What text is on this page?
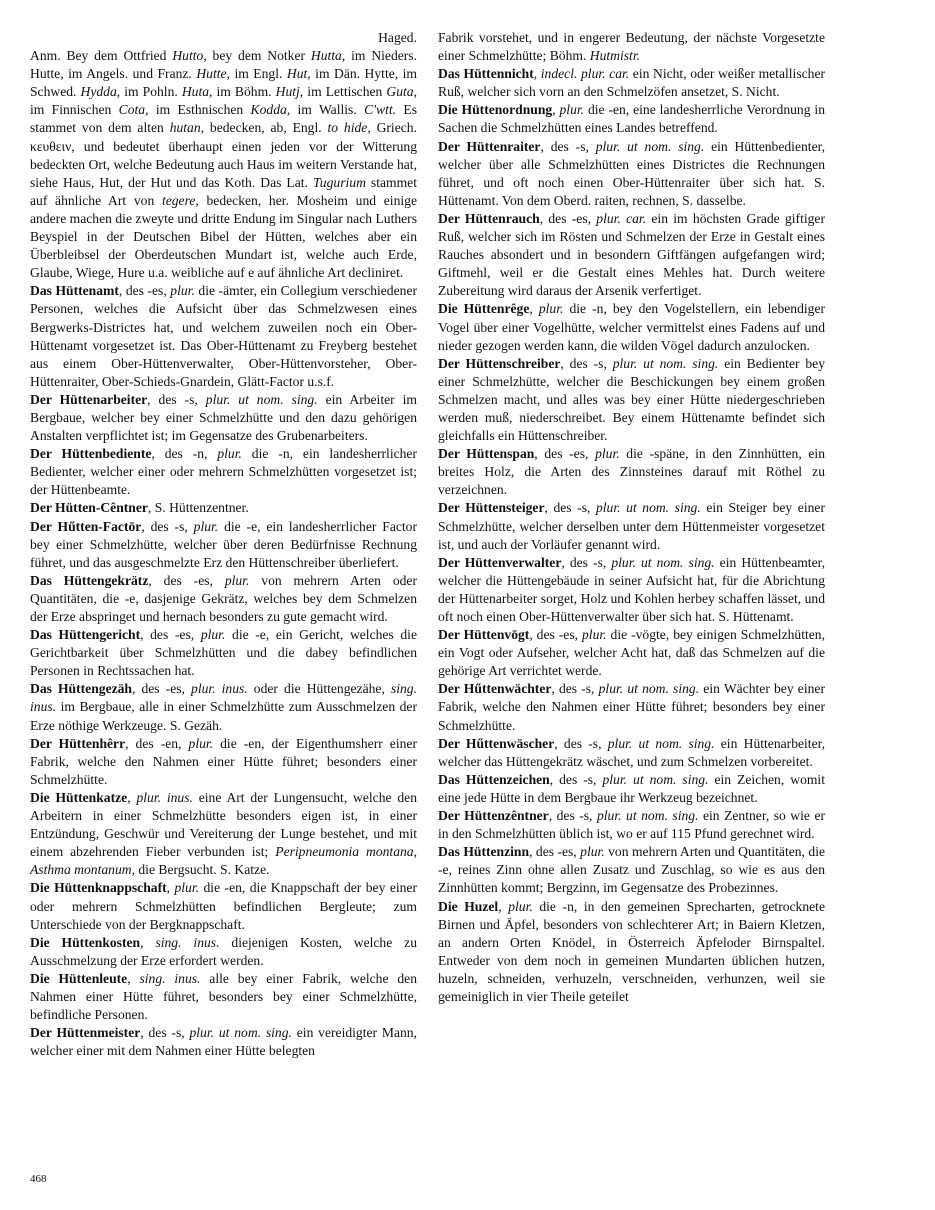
Haged.

Anm. Bey dem Ottfried Hutto, bey dem Notker Hutta, im Nieders. Hutte, im Angels. und Franz. Hutte, im Engl. Hut, im Dän. Hytte, im Schwed. Hydda, im Pohln. Huta, im Böhm. Hutj, im Lettischen Guta, im Finnischen Cota, im Esthnischen Kodda, im Wallis. C'wtt. Es stammet von dem alten hutan, bedecken, ab, Engl. to hide, Griech. κευθειν, und bedeutet überhaupt einen jeden vor der Witterung bedeckten Ort, welche Bedeutung auch Haus im weitern Verstande hat, siehe Haus, Hut, der Hut und das Koth. Das Lat. Tugurium stammet auf ähnliche Art von tegere, bedecken, her. Mosheim und einige andere machen die zweyte und dritte Endung im Singular nach Luthers Beyspiel in der Deutschen Bibel der Hütten, welches aber ein Überbleibsel der Oberdeutschen Mundart ist, welche auch Erde, Glaube, Wiege, Hure u.a. weibliche auf e auf ähnliche Art decliniret.

Das Hüttenamt, des -es, plur. die -ämter, ein Collegium verschiedener Personen, welches die Aufsicht über das Schmelzwesen eines Bergwerks-Districtes hat, und welchem zuweilen noch ein Ober-Hüttenamt vorgesetzet ist. Das Ober-Hüttenamt zu Freyberg bestehet aus einem Ober-Hüttenverwalter, Ober-Hüttenvorsteher, Ober-Hüttenraiter, Ober-Schieds-Gnardein, Glätt-Factor u.s.f.

Der Hüttenarbeiter, des -s, plur. ut nom. sing. ein Arbeiter im Bergbaue, welcher bey einer Schmelzhütte und den dazu gehörigen Anstalten verpflichtet ist; im Gegensatze des Grubenarbeiters.

Der Hüttenbediente, des -n, plur. die -n, ein landesherrlicher Bedienter, welcher einer oder mehrern Schmelzhütten vorgesetzet ist; der Hüttenbeamte.

Der Hütten-Cêntner, S. Hüttenzentner.

Der Hűtten-Factōr, des -s, plur. die -e, ein landesherrlicher Factor bey einer Schmelzhütte, welcher über deren Bedürfnisse Rechnung führet, und das ausgeschmelzte Erz den Hüttenschreiber überliefert.

Das Hüttengekrätz, des -es, plur. von mehrern Arten oder Quantitäten, die -e, dasjenige Gekrätz, welches bey dem Schmelzen der Erze abspringet und hernach besonders zu gute gemacht wird.

Das Hüttengericht, des -es, plur. die -e, ein Gericht, welches die Gerichtbarkeit über Schmelzhütten und die dabey befindlichen Personen in Rechtssachen hat.

Das Hüttengezäh, des -es, plur. inus. oder die Hüttengezähe, sing. inus. im Bergbaue, alle in einer Schmelzhütte zum Ausschmelzen der Erze nöthige Werkzeuge. S. Gezäh.

Der Hüttenhêrr, des -en, plur. die -en, der Eigenthumsherr einer Fabrik, welche den Nahmen einer Hütte führet; besonders einer Schmelzhütte.

Die Hüttenkatze, plur. inus. eine Art der Lungensucht, welche den Arbeitern in einer Schmelzhütte besonders eigen ist, in einer Entzündung, Geschwür und Vereiterung der Lunge bestehet, und mit einem abzehrenden Fieber verbunden ist; Peripneumonia montana, Asthma montanum, die Bergsucht. S. Katze.

Die Hüttenknappschaft, plur. die -en, die Knappschaft der bey einer oder mehrern Schmelzhütten befindlichen Bergleute; zum Unterschiede von der Bergknappschaft.

Die Hüttenkosten, sing. inus. diejenigen Kosten, welche zu Ausschmelzung der Erze erfordert werden.

Die Hüttenleute, sing. inus. alle bey einer Fabrik, welche den Nahmen einer Hütte führet, besonders bey einer Schmelzhütte, befindliche Personen.

Der Hüttenmeister, des -s, plur. ut nom. sing. ein vereidigter Mann, welcher einer mit dem Nahmen einer Hütte belegten

Fabrik vorstehet, und in engerer Bedeutung, der nächste Vorgesetzte einer Schmelzhütte; Böhm. Hutmistr.

Das Hüttennicht, indecl. plur. car. ein Nicht, oder weißer metallischer Ruß, welcher sich vorn an den Schmelzöfen ansetzet, S. Nicht.

Die Hüttenordnung, plur. die -en, eine landesherrliche Verordnung in Sachen die Schmelzhütten eines Landes betreffend.

Der Hüttenraiter, des -s, plur. ut nom. sing. ein Hüttenbedienter, welcher über alle Schmelzhütten eines Districtes die Rechnungen führet, und oft noch einen Ober-Hüttenraiter über sich hat. S. Hüttenamt. Von dem Oberd. raiten, rechnen, S. dasselbe.

Der Hüttenrauch, des -es, plur. car. ein im höchsten Grade giftiger Ruß, welcher sich im Rösten und Schmelzen der Erze in Gestalt eines Rauches absondert und in besondern Giftfängen aufgefangen wird; Giftmehl, weil er die Gestalt eines Mehles hat. Durch weitere Zubereitung wird daraus der Arsenik verfertiget.

Die Hüttenrêge, plur. die -n, bey den Vogelstellern, ein lebendiger Vogel über einer Vogelhütte, welcher vermittelst eines Fadens auf und nieder gezogen werden kann, die wilden Vögel dadurch anzulocken.

Der Hüttenschreiber, des -s, plur. ut nom. sing. ein Bedienter bey einer Schmelzhütte, welcher die Beschickungen bey einem großen Schmelzen macht, und alles was bey einer Hütte niedergeschrieben werden muß, niederschreibet. Bey einem Hüttenamte befindet sich gleichfalls ein Hüttenschreiber.

Der Hüttenspan, des -es, plur. die -späne, in den Zinnhütten, ein breites Holz, die Arten des Zinnsteines darauf mit Röthel zu verzeichnen.

Der Hüttensteiger, des -s, plur. ut nom. sing. ein Steiger bey einer Schmelzhütte, welcher derselben unter dem Hüttenmeister vorgesetzet ist, und auch der Vorläufer genannt wird.

Der Hüttenverwalter, des -s, plur. ut nom. sing. ein Hüttenbeamter, welcher die Hüttengebäude in seiner Aufsicht hat, für die Abrichtung der Hüttenarbeiter sorget, Holz und Kohlen herbey schaffen lässet, und oft noch einen Ober-Hüttenverwalter über sich hat. S. Hüttenamt.

Der Hüttenvōgt, des -es, plur. die -vögte, bey einigen Schmelzhütten, ein Vogt oder Aufseher, welcher Acht hat, daß das Schmelzen auf die gehörige Art verrichtet werde.

Der Hűttenwächter, des -s, plur. ut nom. sing. ein Wächter bey einer Fabrik, welche den Nahmen einer Hütte führet; besonders bey einer Schmelzhütte.

Der Hűttenwäscher, des -s, plur. ut nom. sing. ein Hüttenarbeiter, welcher das Hüttengekrätz wäschet, und zum Schmelzen vorbereitet.

Das Hüttenzeichen, des -s, plur. ut nom. sing. ein Zeichen, womit eine jede Hütte in dem Bergbaue ihr Werkzeug bezeichnet.

Der Hüttenzêntner, des -s, plur. ut nom. sing. ein Zentner, so wie er in den Schmelzhütten üblich ist, wo er auf 115 Pfund gerechnet wird.

Das Hüttenzinn, des -es, plur. von mehrern Arten und Quantitäten, die -e, reines Zinn ohne allen Zusatz und Zuschlag, so wie es aus den Zinnhütten kommt; Bergzinn, im Gegensatze des Probezinnes.

Die Huzel, plur. die -n, in den gemeinen Sprecharten, getrocknete Birnen und Äpfel, besonders von schlechterer Art; in Baiern Kletzen, an andern Orten Knödel, in Österreich Äpfeloder Birnspaltel. Entweder von dem noch in gemeinen Mundarten üblichen hutzen, huzeln, schneiden, verhuzeln, verschneiden, verhunzen, weil sie gemeiniglich in vier Theile geteilet

468
